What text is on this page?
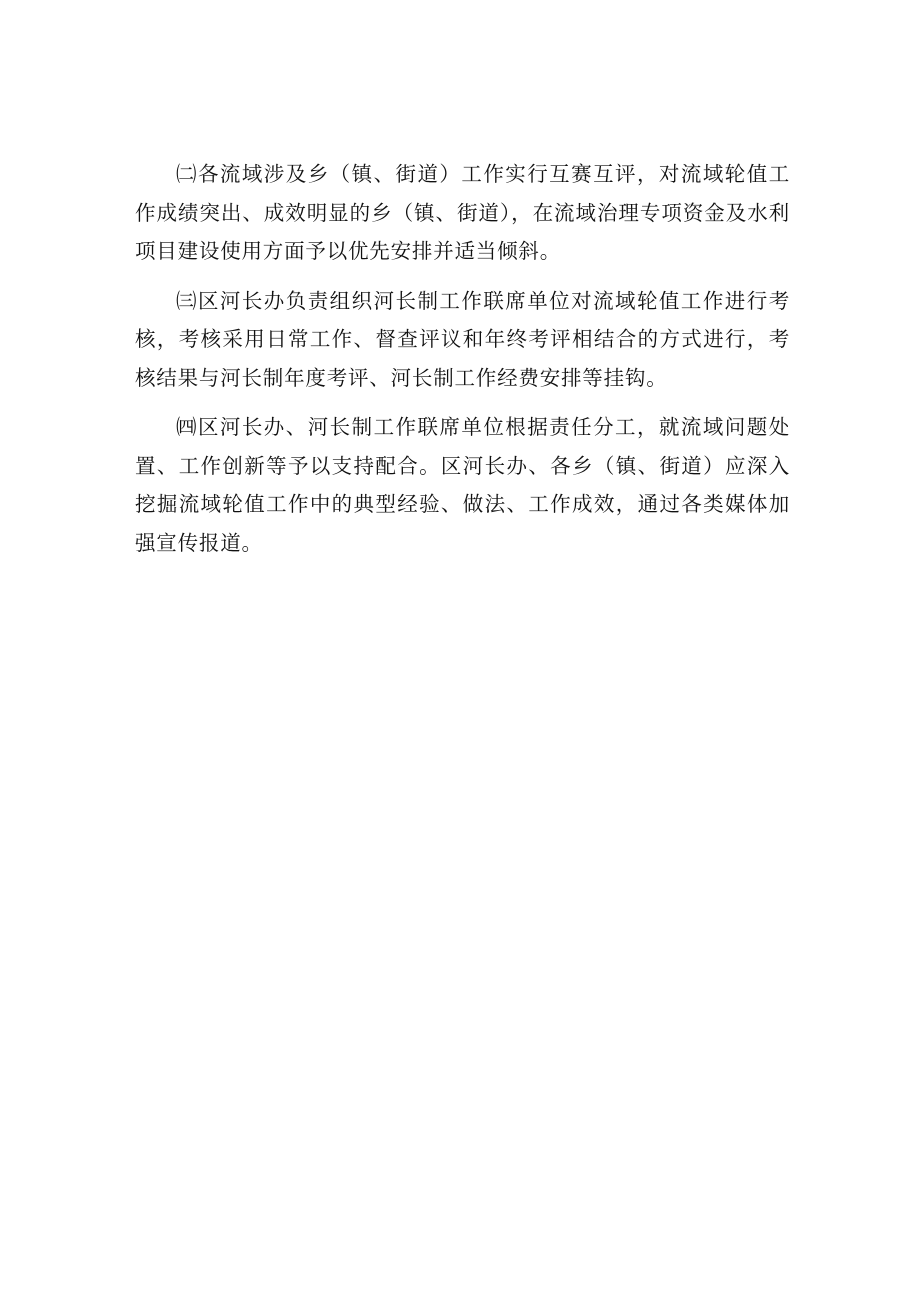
㈡各流域涉及乡（镇、街道）工作实行互赛互评，对流域轮值工作成绩突出、成效明显的乡（镇、街道），在流域治理专项资金及水利项目建设使用方面予以优先安排并适当倾斜。

㈢区河长办负责组织河长制工作联席单位对流域轮值工作进行考核，考核采用日常工作、督查评议和年终考评相结合的方式进行，考核结果与河长制年度考评、河长制工作经费安排等挂钩。

㈣区河长办、河长制工作联席单位根据责任分工，就流域问题处置、工作创新等予以支持配合。区河长办、各乡（镇、街道）应深入挖掘流域轮值工作中的典型经验、做法、工作成效，通过各类媒体加强宣传报道。
